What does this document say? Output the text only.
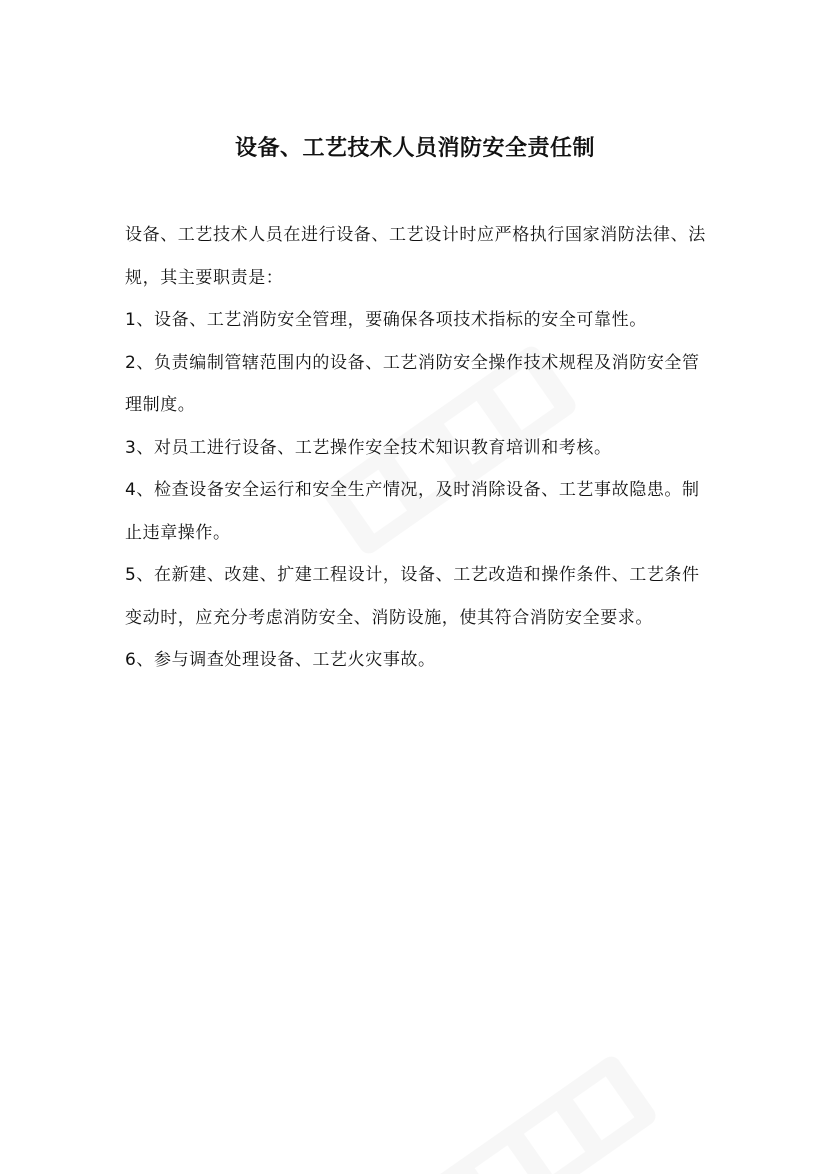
设备、工艺技术人员消防安全责任制

设备、工艺技术人员在进行设备、工艺设计时应严格执行国家消防法律、法规，其主要职责是：

1、设备、工艺消防安全管理，要确保各项技术指标的安全可靠性。

2、负责编制管辖范围内的设备、工艺消防安全操作技术规程及消防安全管理制度。

3、对员工进行设备、工艺操作安全技术知识教育培训和考核。

4、检查设备安全运行和安全生产情况，及时消除设备、工艺事故隐患。制止违章操作。

5、在新建、改建、扩建工程设计，设备、工艺改造和操作条件、工艺条件变动时，应充分考虑消防安全、消防设施，使其符合消防安全要求。

6、参与调查处理设备、工艺火灾事故。
